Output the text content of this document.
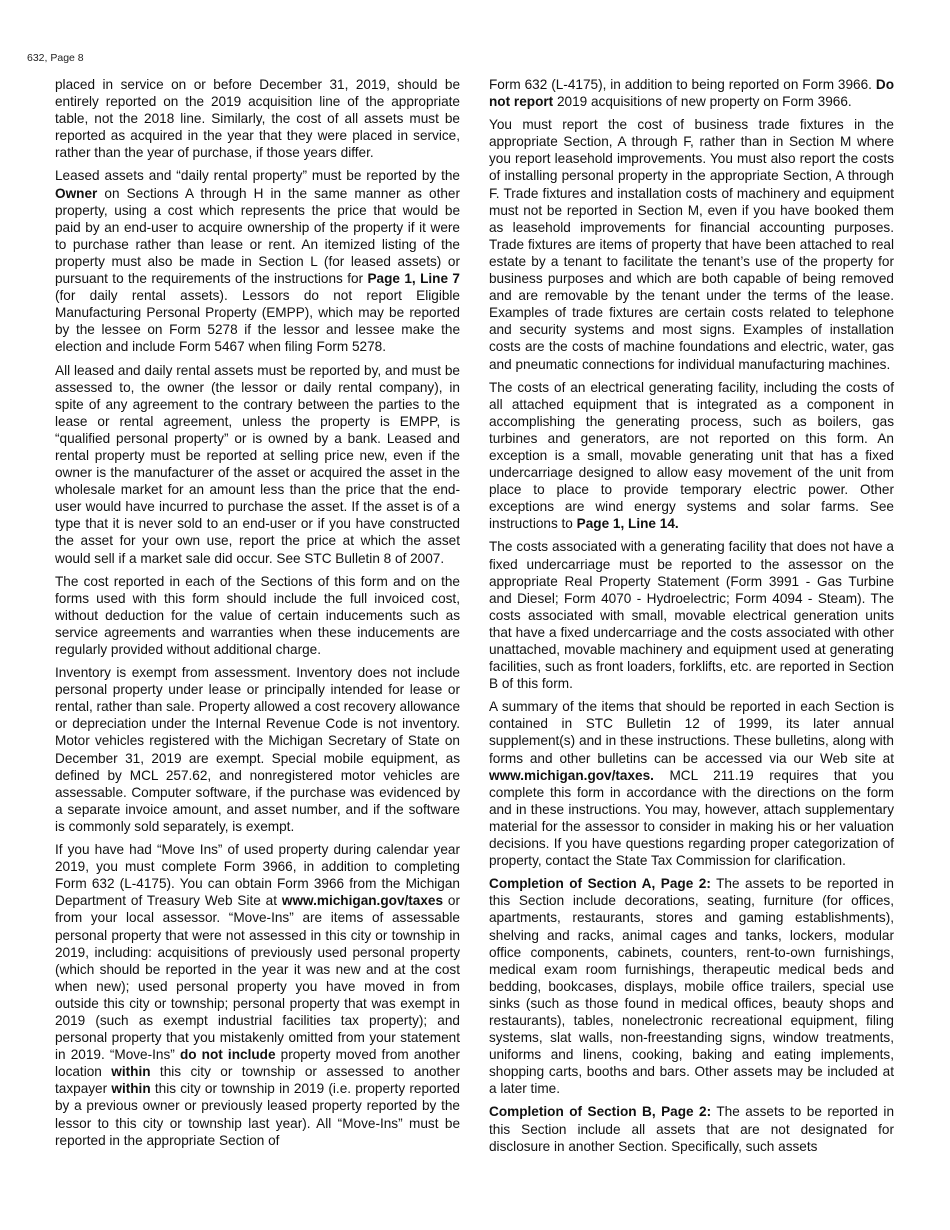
632, Page 8

placed in service on or before December 31, 2019, should be entirely reported on the 2019 acquisition line of the appropriate table, not the 2018 line. Similarly, the cost of all assets must be reported as acquired in the year that they were placed in service, rather than the year of purchase, if those years differ.

Leased assets and “daily rental property” must be reported by the Owner on Sections A through H in the same manner as other property, using a cost which represents the price that would be paid by an end-user to acquire ownership of the property if it were to purchase rather than lease or rent. An itemized listing of the property must also be made in Section L (for leased assets) or pursuant to the requirements of the instructions for Page 1, Line 7 (for daily rental assets). Lessors do not report Eligible Manufacturing Personal Property (EMPP), which may be reported by the lessee on Form 5278 if the lessor and lessee make the election and include Form 5467 when filing Form 5278.

All leased and daily rental assets must be reported by, and must be assessed to, the owner (the lessor or daily rental company), in spite of any agreement to the contrary between the parties to the lease or rental agreement, unless the property is EMPP, is “qualified personal property” or is owned by a bank. Leased and rental property must be reported at selling price new, even if the owner is the manufacturer of the asset or acquired the asset in the wholesale market for an amount less than the price that the end-user would have incurred to purchase the asset. If the asset is of a type that it is never sold to an end-user or if you have constructed the asset for your own use, report the price at which the asset would sell if a market sale did occur. See STC Bulletin 8 of 2007.

The cost reported in each of the Sections of this form and on the forms used with this form should include the full invoiced cost, without deduction for the value of certain inducements such as service agreements and warranties when these inducements are regularly provided without additional charge.

Inventory is exempt from assessment. Inventory does not include personal property under lease or principally intended for lease or rental, rather than sale. Property allowed a cost recovery allowance or depreciation under the Internal Revenue Code is not inventory. Motor vehicles registered with the Michigan Secretary of State on December 31, 2019 are exempt. Special mobile equipment, as defined by MCL 257.62, and nonregistered motor vehicles are assessable. Computer software, if the purchase was evidenced by a separate invoice amount, and asset number, and if the software is commonly sold separately, is exempt.

If you have had “Move Ins” of used property during calendar year 2019, you must complete Form 3966, in addition to completing Form 632 (L-4175). You can obtain Form 3966 from the Michigan Department of Treasury Web Site at www.michigan.gov/taxes or from your local assessor. “Move-Ins” are items of assessable personal property that were not assessed in this city or township in 2019, including: acquisitions of previously used personal property (which should be reported in the year it was new and at the cost when new); used personal property you have moved in from outside this city or township; personal property that was exempt in 2019 (such as exempt industrial facilities tax property); and personal property that you mistakenly omitted from your statement in 2019. “Move-Ins” do not include property moved from another location within this city or township or assessed to another taxpayer within this city or township in 2019 (i.e. property reported by a previous owner or previously leased property reported by the lessor to this city or township last year). All “Move-Ins” must be reported in the appropriate Section of

Form 632 (L-4175), in addition to being reported on Form 3966. Do not report 2019 acquisitions of new property on Form 3966.

You must report the cost of business trade fixtures in the appropriate Section, A through F, rather than in Section M where you report leasehold improvements. You must also report the costs of installing personal property in the appropriate Section, A through F. Trade fixtures and installation costs of machinery and equipment must not be reported in Section M, even if you have booked them as leasehold improvements for financial accounting purposes. Trade fixtures are items of property that have been attached to real estate by a tenant to facilitate the tenant’s use of the property for business purposes and which are both capable of being removed and are removable by the tenant under the terms of the lease. Examples of trade fixtures are certain costs related to telephone and security systems and most signs. Examples of installation costs are the costs of machine foundations and electric, water, gas and pneumatic connections for individual manufacturing machines.

The costs of an electrical generating facility, including the costs of all attached equipment that is integrated as a component in accomplishing the generating process, such as boilers, gas turbines and generators, are not reported on this form. An exception is a small, movable generating unit that has a fixed undercarriage designed to allow easy movement of the unit from place to place to provide temporary electric power. Other exceptions are wind energy systems and solar farms. See instructions to Page 1, Line 14.

The costs associated with a generating facility that does not have a fixed undercarriage must be reported to the assessor on the appropriate Real Property Statement (Form 3991 - Gas Turbine and Diesel; Form 4070 - Hydroelectric; Form 4094 - Steam). The costs associated with small, movable electrical generation units that have a fixed undercarriage and the costs associated with other unattached, movable machinery and equipment used at generating facilities, such as front loaders, forklifts, etc. are reported in Section B of this form.

A summary of the items that should be reported in each Section is contained in STC Bulletin 12 of 1999, its later annual supplement(s) and in these instructions. These bulletins, along with forms and other bulletins can be accessed via our Web site at www.michigan.gov/taxes. MCL 211.19 requires that you complete this form in accordance with the directions on the form and in these instructions. You may, however, attach supplementary material for the assessor to consider in making his or her valuation decisions. If you have questions regarding proper categorization of property, contact the State Tax Commission for clarification.

Completion of Section A, Page 2: The assets to be reported in this Section include decorations, seating, furniture (for offices, apartments, restaurants, stores and gaming establishments), shelving and racks, animal cages and tanks, lockers, modular office components, cabinets, counters, rent-to-own furnishings, medical exam room furnishings, therapeutic medical beds and bedding, bookcases, displays, mobile office trailers, special use sinks (such as those found in medical offices, beauty shops and restaurants), tables, nonelectronic recreational equipment, filing systems, slat walls, non-freestanding signs, window treatments, uniforms and linens, cooking, baking and eating implements, shopping carts, booths and bars. Other assets may be included at a later time.

Completion of Section B, Page 2: The assets to be reported in this Section include all assets that are not designated for disclosure in another Section. Specifically, such assets
